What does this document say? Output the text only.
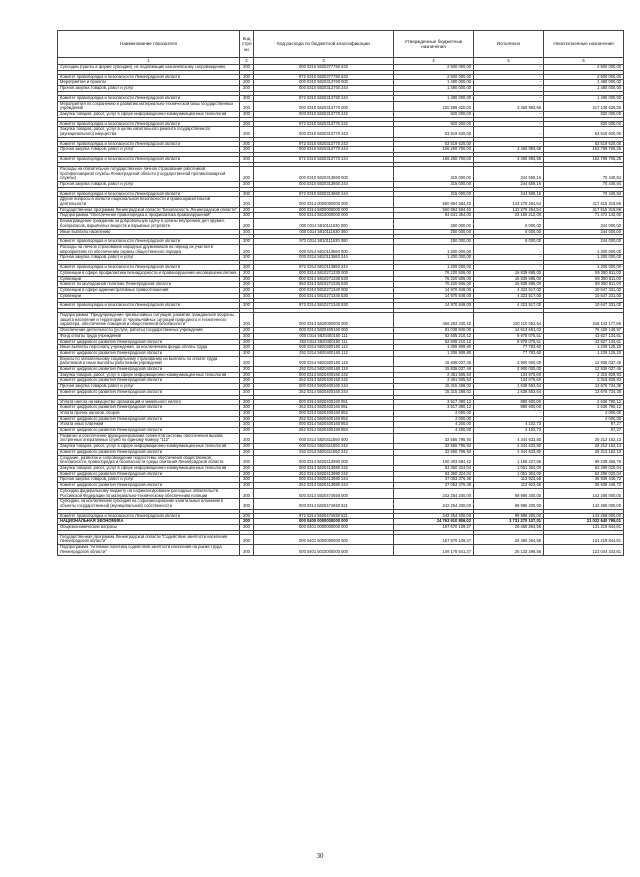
Наименование показателя	Код стро ки	Код расхода по бюджетной классификации	Утвержденные бюджетные назначения	Исполнено	Неисполненные назначения
1	2	3	4	5	6
Субсидии (гранты в форме субсидий), не подлежащие казначейскому сопровождению	200	000 0310 5820377750 633	2 500 000,00	-	2 500 000,00

Комитет правопорядка и безопасности Ленинградской области	200	972 0310 5820377750 633	2 500 000,00	-	2 500 000,00
Мероприятие и проекты	200	000 0310 5820313760 000	1 480 000,00	-	1 480 000,00
Прочая закупка товаров, работ и услуг	200	000 0310 5820313760 244	1 480 000,00	-	1 480 000,00

Комитет правопорядка и безопасности Ленинградской области	200	972 0310 5820313760 244	1 480 000,00	-	1 480 000,00
Мероприятия по сохранению и развитию материально-технической базы государственных учреждений	200	000 0310 5820313770 000	220 599 620,00	3 460 993,65	217 138 626,35
Закупка товаров, работ, услуг в сфере информационно-коммуникационных технологий	200	000 0310 5820313770 242	820 000,00	-	820 000,00

Комитет правопорядка и безопасности Ленинградской области	200	972 0310 5820313770 242	820 000,00	-	820 000,00
Закупка товаров, работ, услуг в целях капитального ремонта государственного (муниципального) имущества	200	000 0310 5820313770 243	53 519 620,00	-	53 519 620,00

Комитет правопорядка и безопасности Ленинградской области	200	972 0310 5820313770 243	53 519 620,00	-	53 519 620,00
Прочая закупка товаров, работ и услуг	200	000 0310 5820313770 244	166 260 700,00	3 460 993,65	162 799 706,35

Комитет правопорядка и безопасности Ленинградской области	200	972 0310 5820313770 244	166 260 700,00	3 460 993,65	162 799 706,35

Расходы на обязательное государственное личное страхование работников противопожарной службы Ленинградской области (государственной противопожарной службы)	200	000 0310 5820313860 000	315 000,00	244 559,16	70 440,84
Прочая закупка товаров, работ и услуг	200	000 0310 5820313860 244	315 000,00	244 559,16	70 440,84

Комитет правопорядка и безопасности Ленинградской области	200	972 0310 5820313860 244	315 000,00	244 559,16	70 440,84
Другие вопросы в области национальной безопасности и правоохранительной деятельности	200	000 0314 0000000000 000	560 894 584,40	143 279 264,54	417 615 319,86
Государственная программа Ленинградской области "Безопасность Ленинградской области"	200	000 0314 5800000000 000	560 894 584,40	143 279 264,54	417 615 319,86
Подпрограмма "Обеспечение правопорядка и профилактика правонарушений"	200	000 0314 5810000000 000	94 641 354,00	23 169 212,00	71 472 142,00
Вознаграждение гражданам за добровольную сдачу в органы внутренних дел оружия, боеприпасов, взрывчатых веществ и взрывных устройств	200	000 0314 5810111630 000	250 000,00	6 000,00	244 000,00
Иные выплаты населению	200	000 0314 5810111630 360	250 000,00	6 000,00	244 000,00

Комитет правопорядка и безопасности Ленинградской области	200	972 0314 5810111630 360	250 000,00	6 000,00	244 000,00
Расходы на личное страхование народных дружинников на период их участия в мероприятиях по обеспечению охраны общественного порядка	200	000 0314 5810113660 000	1 200 000,00	-	1 200 000,00
Прочая закупка товаров, работ и услуг	200	000 0314 5810113660 244	1 200 000,00	-	1 200 000,00

Комитет правопорядка и безопасности Ленинградской области	200	972 0314 5810113660 244	1 200 000,00	-	1 200 000,00
Субвенции в сфере профилактики безнадзорности и правонарушений несовершеннолетних	200	000 0314 5810271330 000	76 220 506,00	16 839 695,00	59 380 811,00
Субвенции	200	000 0314 5810271330 530	76 220 506,00	16 839 695,00	59 380 811,00
Комитет по молодежной политике Ленинградской области	200	960 0314 5810271330 530	76 220 506,00	16 839 695,00	59 380 811,00
Субвенции в сфере административных правоотношений	200	000 0314 5810271340 000	14 970 848,00	4 323 517,00	10 647 331,00
Субвенции	200	000 0314 5810271340 530	14 970 848,00	4 323 517,00	10 647 331,00

Комитет правопорядка и безопасности Ленинградской области	200	972 0314 5810271340 530	14 970 848,00	4 323 517,00	10 647 331,00

Подпрограмма "Предупреждение чрезвычайных ситуаций, развитие гражданской обороны, защита населения и территорий от чрезвычайных ситуаций природного и техногенного характера, обеспечение пожарной и общественной безопасности"	200	000 0314 5820000000 000	466 253 230,40	120 110 052,54	346 143 177,86
Обеспечение деятельности (услуги, работы) государственных учреждений	200	000 0314 5820400160 000	91 038 840,00	14 613 691,03	76 425 148,97
Фонд оплаты труда учреждений	200	000 0314 5820400160 111	52 605 210,12	8 978 075,51	43 627 134,61
Комитет цифрового развития Ленинградской области	200	252 0314 5820400160 111	52 605 210,12	8 978 075,51	43 627 134,61
Иные выплаты персоналу учреждений, за исключением фонда оплаты труда	200	000 0314 5820400160 112	1 306 908,80	77 783,60	1 229 125,20
Комитет цифрового развития Ленинградской области	200	252 0314 5820400160 112	1 306 908,80	77 783,60	1 229 125,20
Взносы по обязательному социальному страхованию на выплаты по оплате труда работников и иные выплаты работникам учреждений	200	000 0314 5820400160 119	15 836 037,46	2 900 000,00	12 936 037,46
Комитет цифрового развития Ленинградской области	200	252 0314 5820400160 119	15 836 037,46	2 900 000,00	12 936 037,46
Закупка товаров, работ, услуг в сфере информационно-коммуникационных технологий	200	000 0314 5820400160 242	2 451 505,53	134 675,60	2 316 829,93
Комитет цифрового развития Ленинградской области	200	252 0314 5820400160 242	2 451 505,53	134 675,60	2 316 829,93
Прочая закупка товаров, работ и услуг	200	000 0314 5820400160 244	15 315 288,02	1 638 553,64	13 676 734,38
Комитет цифрового развития Ленинградской области	200	252 0314 5820400160 244	15 315 288,02	1 638 553,64	13 676 734,38

Уплата налога на имущество организаций и земельного налога	200	000 0314 5820400160 851	3 517 390,12	880 600,00	2 636 790,12
Комитет цифрового развития Ленинградской области	200	252 0314 5820400160 851	3 517 390,12	880 600,00	2 636 790,12
Уплата прочих налогов, сборов	200	000 0314 5820400160 852	2 000,00	-	2 000,00
Комитет цифрового развития Ленинградской области	200	252 0314 5820400160 852	2 000,00	-	2 000,00
Уплата иных платежей	200	000 0314 5820400160 853	4 200,00	4 102,73	97,27
Комитет цифрового развития Ленинградской области	200	252 0314 5820400160 853	4 200,00	4 102,73	97,27
Развитие и обеспечение функционирования сегментов системы обеспечения вызова экстренных оперативных служб по единому номеру "112"	200	000 0314 5820411550 000	32 556 795,93	4 344 633,80	28 212 162,13
Закупка товаров, работ, услуг в сфере информационно-коммуникационных технологий	200	000 0314 5820411550 242	32 556 795,93	4 344 633,80	28 212 162,13
Комитет цифрового развития Ленинградской области	200	252 0314 5820411550 242	32 556 795,93	4 344 633,80	28 212 162,13
Создание, развитие и сопровождение подсистемы обеспечения общественной безопасности, правопорядка и безопасности среды обитания Ленинградской области	200	000 0314 5820413980 000	100 403 684,42	1 165 227,66	99 238 456,76
Закупка товаров, работ, услуг в сфере информационно-коммуникационных технологий	200	000 0314 5820413980 242	63 350 324,04	1 051 304,00	62 299 020,04
Комитет цифрового развития Ленинградской области	200	252 0314 5820413980 242	63 350 324,04	1 051 304,00	62 299 020,04
Прочая закупка товаров, работ и услуг	200	000 0314 5820413980 244	37 053 376,38	113 923,66	36 939 446,72
Комитет цифрового развития Ленинградской области	200	252 0314 5820413980 244	37 053 376,38	113 923,66	36 939 446,72
Субсидии федеральному бюджету на софинансирование расходных обязательств Российской Федерации по материально-техническому обеспечению полиции	200	000 0314 5820474650 000	242 254 200,00	99 986 200,00	142 268 000,00
Субсидии, за исключением субсидий на софинансирование капитальных вложений в объекты государственной (муниципальной) собственности	200	000 0314 5820474650 521	242 254 200,00	99 986 200,00	142 268 000,00

Комитет правопорядка и безопасности Ленинградской области	200	972 0314 5820474650 521	242 254 200,00	99 986 200,00	142 268 000,00
НАЦИОНАЛЬНАЯ ЭКОНОМИКА	200	000 0400 0000000000 000	24 763 910 806,02	3 731 270 107,01	21 032 640 799,01
Общеэкономические вопросы	200	000 0401 0000000000 000	157 670 109,37	26 450 264,56	131 219 844,81

Государственная программа Ленинградской области "Содействие занятости населения Ленинградской области"	200	000 0401 5000000000 000	157 670 109,37	26 450 264,56	131 219 844,81
Подпрограмма "Активная политика содействия занятости населения на рынке труда Ленинградской области"	200	000 0401 5010000000 000	149 176 641,37	26 132 298,56	123 044 342,81
30
